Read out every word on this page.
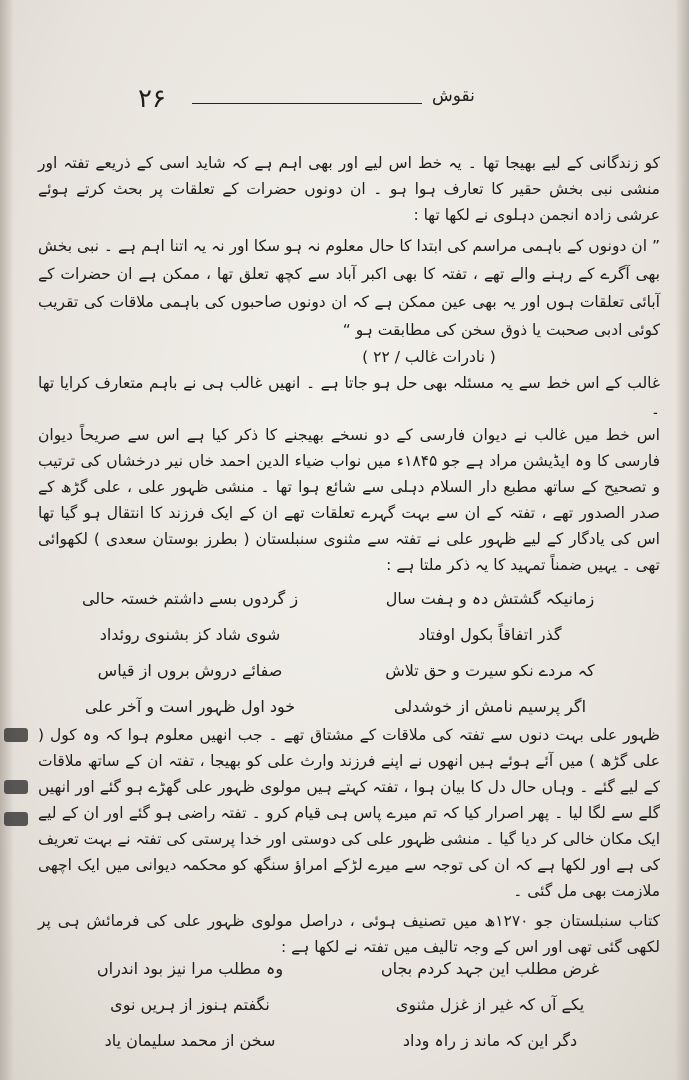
۲۶	نقوش

کو زندگانی کے لیے بھیجا تھا ۔ یہ خط اس لیے اور بھی اہم ہے کہ شاید اسی کے ذریعے تفتہ اور منشی نبی بخش حقیر کا تعارف ہوا ہو ۔ ان دونوں حضرات کے تعلقات پر بحث کرتے ہوئے عرشی زادہ انجمن دہلوی نے لکھا تھا :

” ان دونوں کے باہمی مراسم کی ابتدا کا حال معلوم نہ ہو سکا اور نہ یہ اتنا اہم ہے ۔ نبی بخش بھی آگرے کے رہنے والے تھے ، تفتہ کا بھی اکبر آباد سے کچھ تعلق تھا ، ممکن ہے ان حضرات کے آبائی تعلقات ہوں اور یہ بھی عین ممکن ہے کہ ان دونوں صاحبوں کی باہمی ملاقات کی تقریب کوئی ادبی صحبت یا ذوق سخن کی مطابقت ہو “

( نادرات غالب / ۲۲ )

غالب کے اس خط سے یہ مسئلہ بھی حل ہو جاتا ہے ۔ انھیں غالب ہی نے باہم متعارف کرایا تھا ۔

اس خط میں غالب نے دیوان فارسی کے دو نسخے بھیجنے کا ذکر کیا ہے اس سے صریحاً دیوان فارسی کا وہ ایڈیشن مراد ہے جو ۱۸۴۵ء میں نواب ضیاء الدین احمد خاں نیر درخشاں کی ترتیب و تصحیح کے ساتھ مطبع دار السلام دہلی سے شائع ہوا تھا ۔ منشی ظہور علی ، علی گڑھ کے صدر الصدور تھے ، تفتہ کے ان سے بہت گہرے تعلقات تھے ان کے ایک فرزند کا انتقال ہو گیا تھا اس کی یادگار کے لیے ظہور علی نے تفتہ سے مثنوی سنبلستان ( بطرز بوستان سعدی ) لکھوائی تھی ۔ یہیں ضمناً تمہید کا یہ ذکر ملتا ہے :

زمانیکہ گشتش دہ و ہفت سال
ز گردوں بسے داشتم خستہ حالی
گذر اتفاقاً بکول اوفتاد
شوی شاد کز بشنوی روئداد
کہ مردے نکو سیرت و حق تلاش
صفائے دروش بروں از قیاس
اگر پرسیم نامش از خوشدلی
خود اول ظہور است و آخر علی

ظہور علی بہت دنوں سے تفتہ کی ملاقات کے مشتاق تھے ۔ جب انھیں معلوم ہوا کہ وہ کول ( علی گڑھ ) میں آئے ہوئے ہیں انھوں نے اپنے فرزند وارث علی کو بھیجا ، تفتہ ان کے ساتھ ملاقات کے لیے گئے ۔ وہاں حال دل کا بیان ہوا ، تفتہ کہتے ہیں مولوی ظہور علی گھڑے ہو گئے اور انھیں گلے سے لگا لیا ۔ پھر اصرار کیا کہ تم میرے پاس ہی قیام کرو ۔ تفتہ راضی ہو گئے اور ان کے لیے ایک مکان خالی کر دیا گیا ۔ منشی ظہور علی کی دوستی اور خدا پرستی کی تفتہ نے بہت تعریف کی ہے اور لکھا ہے کہ ان کی توجہ سے میرے لڑکے امراؤ سنگھ کو محکمہ دیوانی میں ایک اچھی ملازمت بھی مل گئی ۔

کتاب سنبلستان جو ۱۲۷۰ھ میں تصنیف ہوئی ، دراصل مولوی ظہور علی کی فرمائش ہی پر لکھی گئی تھی اور اس کے وجہ تالیف میں تفتہ نے لکھا ہے :

غرض مطلب این جہد کردم بجاں
وہ مطلب مرا نیز بود اندراں
یکے آں کہ غیر از غزل مثنوی
نگفتم ہنوز از ہریں نوی
دگر این کہ ماند ز راہ وداد
سخن از محمد سلیمان یاد
